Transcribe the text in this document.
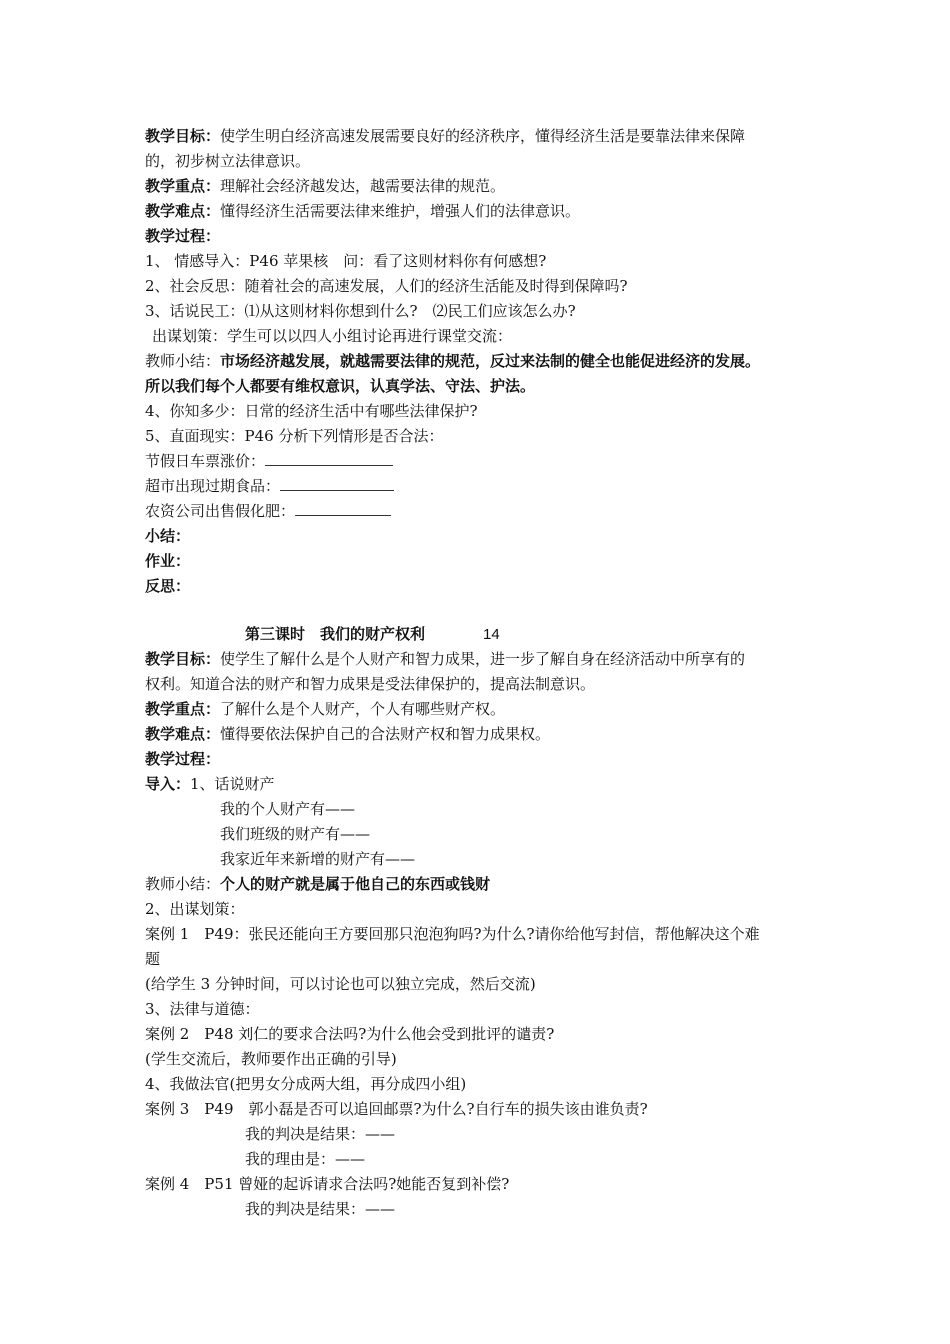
教学目标：使学生明白经济高速发展需要良好的经济秩序，懂得经济生活是要靠法律来保障
的，初步树立法律意识。
教学重点：理解社会经济越发达，越需要法律的规范。
教学难点：懂得经济生活需要法律来维护，增强人们的法律意识。
教学过程：
1、 情感导入：P46 苹果核　问：看了这则材料你有何感想?
2、社会反思：随着社会的高速发展，人们的经济生活能及时得到保障吗?
3、话说民工：⑴从这则材料你想到什么?　⑵民工们应该怎么办?
出谋划策：学生可以以四人小组讨论再进行课堂交流：
教师小结：市场经济越发展，就越需要法律的规范，反过来法制的健全也能促进经济的发展。
所以我们每个人都要有维权意识，认真学法、守法、护法。
4、你知多少：日常的经济生活中有哪些法律保护?
5、直面现实：P46 分析下列情形是否合法：
节假日车票涨价：
超市出现过期食品：
农资公司出售假化肥：
小结：
作业：
反思：
第三课时　我们的财产权利	14
教学目标：使学生了解什么是个人财产和智力成果，进一步了解自身在经济活动中所享有的
权利。知道合法的财产和智力成果是受法律保护的，提高法制意识。
教学重点：了解什么是个人财产，个人有哪些财产权。
教学难点：懂得要依法保护自己的合法财产权和智力成果权。
教学过程：
导入：1、话说财产
我的个人财产有——
我们班级的财产有——
我家近年来新增的财产有——
教师小结：个人的财产就是属于他自己的东西或钱财
2、出谋划策：
案例 1　P49：张民还能向王方要回那只泡泡狗吗?为什么?请你给他写封信，帮他解决这个难
题
(给学生 3 分钟时间，可以讨论也可以独立完成，然后交流)
3、法律与道德：
案例 2　P48 刘仁的要求合法吗?为什么他会受到批评的谴责?
(学生交流后，教师要作出正确的引导)
4、我做法官(把男女分成两大组，再分成四小组)
案例 3　P49　郭小磊是否可以追回邮票?为什么?自行车的损失该由谁负责?
我的判决是结果：——
我的理由是：——
案例 4　P51 曾娅的起诉请求合法吗?她能否复到补偿?
我的判决是结果：——
